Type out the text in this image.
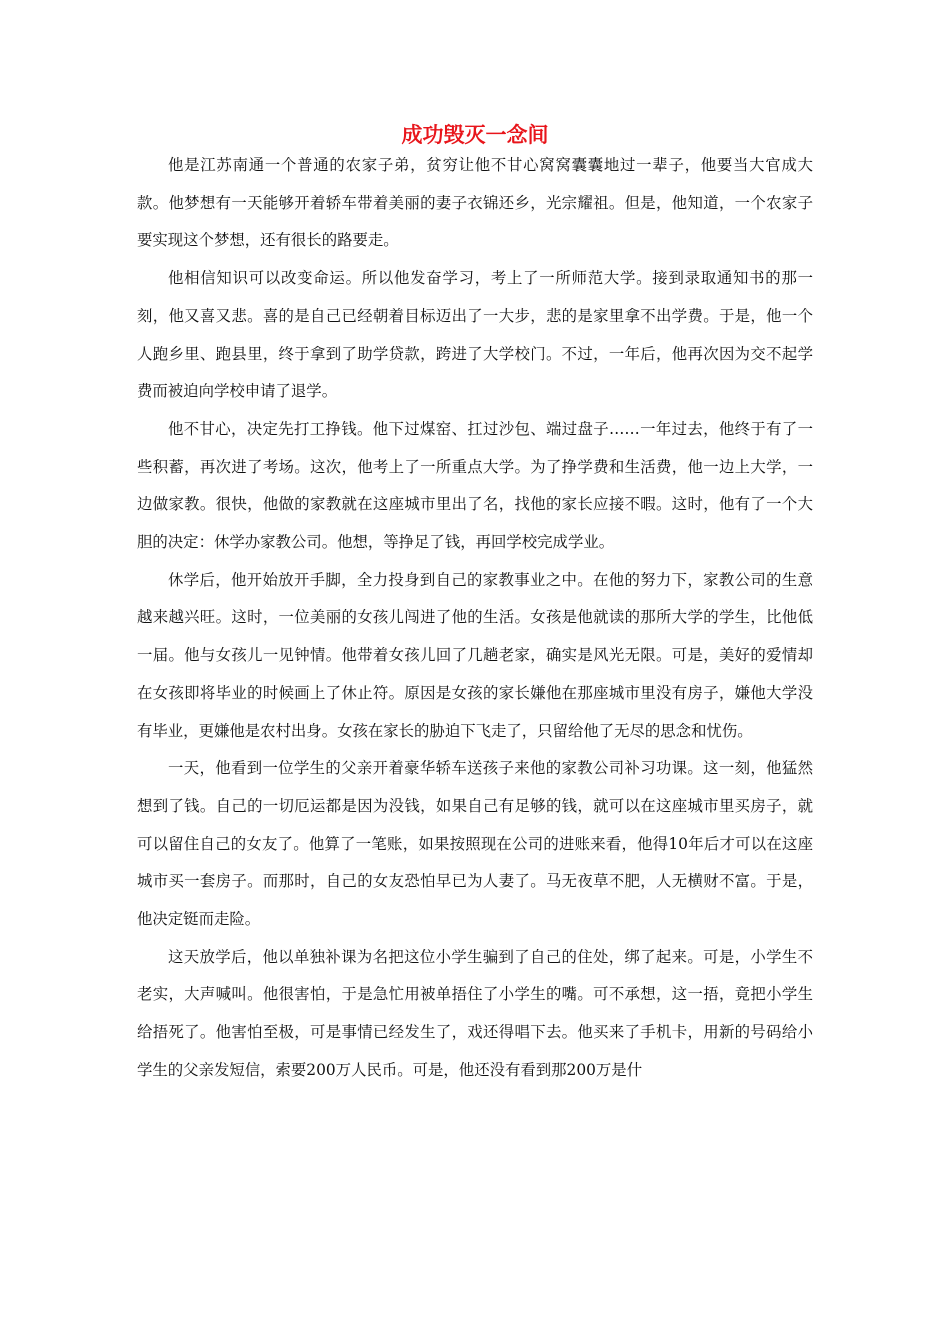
成功毁灭一念间

他是江苏南通一个普通的农家子弟，贫穷让他不甘心窝窝囊囊地过一辈子，他要当大官成大款。他梦想有一天能够开着轿车带着美丽的妻子衣锦还乡，光宗耀祖。但是，他知道，一个农家子要实现这个梦想，还有很长的路要走。

他相信知识可以改变命运。所以他发奋学习，考上了一所师范大学。接到录取通知书的那一刻，他又喜又悲。喜的是自己已经朝着目标迈出了一大步，悲的是家里拿不出学费。于是，他一个人跑乡里、跑县里，终于拿到了助学贷款，跨进了大学校门。不过，一年后，他再次因为交不起学费而被迫向学校申请了退学。

他不甘心，决定先打工挣钱。他下过煤窑、扛过沙包、端过盘子……一年过去，他终于有了一些积蓄，再次进了考场。这次，他考上了一所重点大学。为了挣学费和生活费，他一边上大学，一边做家教。很快，他做的家教就在这座城市里出了名，找他的家长应接不暇。这时，他有了一个大胆的决定：休学办家教公司。他想，等挣足了钱，再回学校完成学业。

休学后，他开始放开手脚，全力投身到自己的家教事业之中。在他的努力下，家教公司的生意越来越兴旺。这时，一位美丽的女孩儿闯进了他的生活。女孩是他就读的那所大学的学生，比他低一届。他与女孩儿一见钟情。他带着女孩儿回了几趟老家，确实是风光无限。可是，美好的爱情却在女孩即将毕业的时候画上了休止符。原因是女孩的家长嫌他在那座城市里没有房子，嫌他大学没有毕业，更嫌他是农村出身。女孩在家长的胁迫下飞走了，只留给他了无尽的思念和忧伤。

一天，他看到一位学生的父亲开着豪华轿车送孩子来他的家教公司补习功课。这一刻，他猛然想到了钱。自己的一切厄运都是因为没钱，如果自己有足够的钱，就可以在这座城市里买房子，就可以留住自己的女友了。他算了一笔账，如果按照现在公司的进账来看，他得10年后才可以在这座城市买一套房子。而那时，自己的女友恐怕早已为人妻了。马无夜草不肥，人无横财不富。于是，他决定铤而走险。

这天放学后，他以单独补课为名把这位小学生骗到了自己的住处，绑了起来。可是，小学生不老实，大声喊叫。他很害怕，于是急忙用被单捂住了小学生的嘴。可不承想，这一捂，竟把小学生给捂死了。他害怕至极，可是事情已经发生了，戏还得唱下去。他买来了手机卡，用新的号码给小学生的父亲发短信，索要200万人民币。可是，他还没有看到那200万是什
